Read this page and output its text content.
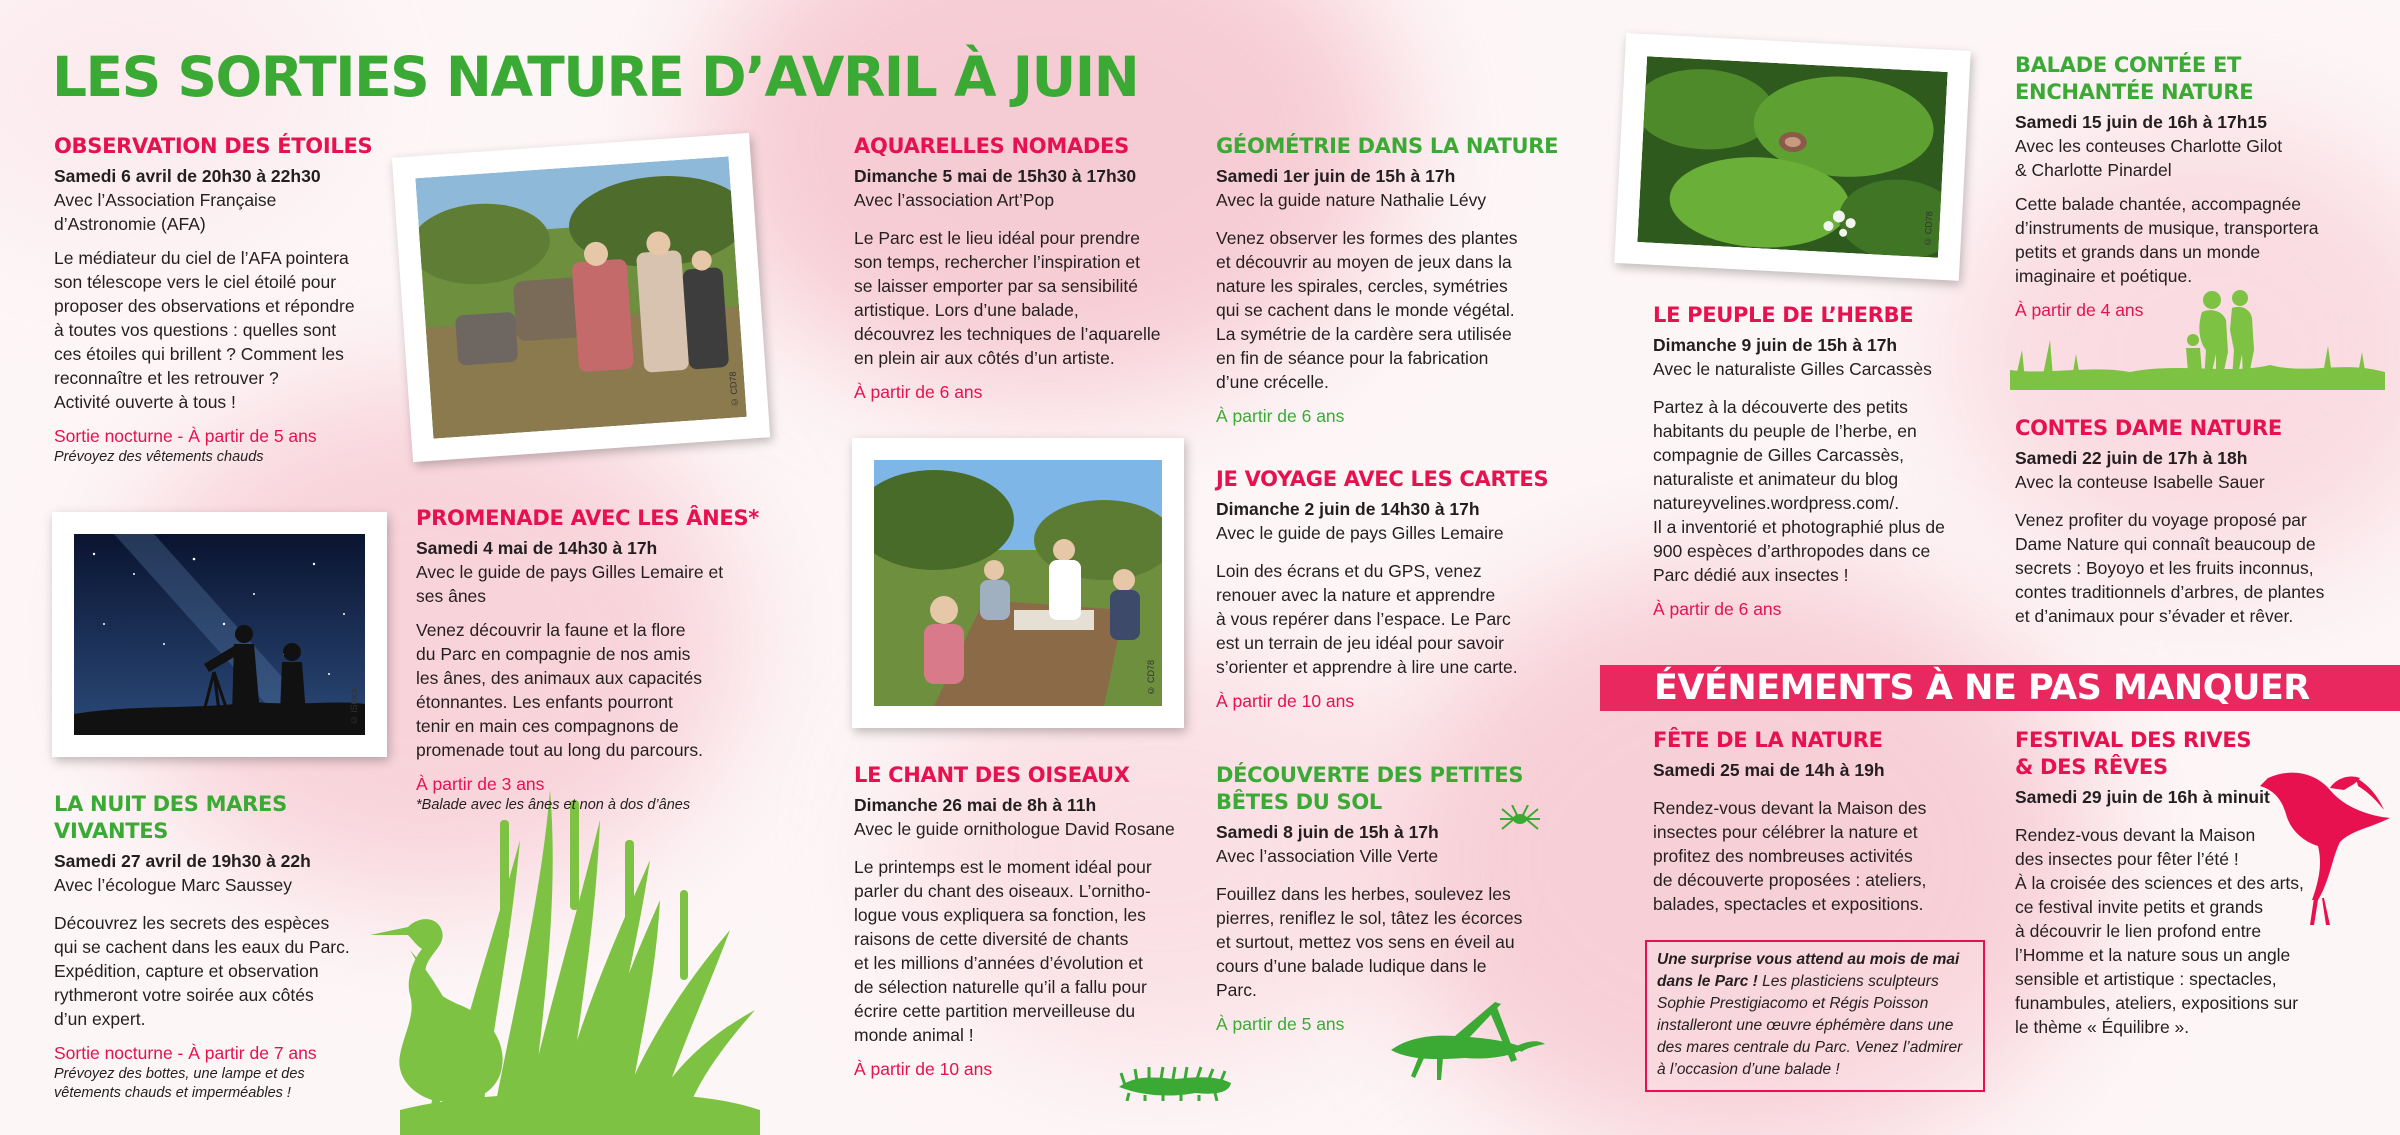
LES SORTIES NATURE D’AVRIL À JUIN
© CD78
© iStock
© CD78
© CD78
OBSERVATION DES ÉTOILES
Samedi 6 avril de 20h30 à 22h30
Avec l’Association Française
d’Astronomie (AFA)
Le médiateur du ciel de l’AFA pointera
son télescope vers le ciel étoilé pour
proposer des observations et répondre
à toutes vos questions : quelles sont
ces étoiles qui brillent ? Comment les
reconnaître et les retrouver ?
Activité ouverte à tous !
Sortie nocturne - À partir de 5 ans
Prévoyez des vêtements chauds
LA NUIT DES MARES VIVANTES
Samedi 27 avril de 19h30 à 22h
Avec l’écologue Marc Saussey
Découvrez les secrets des espèces
qui se cachent dans les eaux du Parc.
Expédition, capture et observation
rythmeront votre soirée aux côtés
d’un expert.
Sortie nocturne - À partir de 7 ans
Prévoyez des bottes, une lampe et des
vêtements chauds et imperméables !
PROMENADE AVEC LES ÂNES*
Samedi 4 mai de 14h30 à 17h
Avec le guide de pays Gilles Lemaire et
ses ânes
Venez découvrir la faune et la flore
du Parc en compagnie de nos amis
les ânes, des animaux aux capacités
étonnantes. Les enfants pourront
tenir en main ces compagnons de
promenade tout au long du parcours.
À partir de 3 ans
*Balade avec les ânes et non à dos d’ânes
AQUARELLES NOMADES
Dimanche 5 mai de 15h30 à 17h30
Avec l’association Art’Pop
Le Parc est le lieu idéal pour prendre
son temps, rechercher l’inspiration et
se laisser emporter par sa sensibilité
artistique. Lors d’une balade,
découvrez les techniques de l’aquarelle
en plein air aux côtés d’un artiste.
À partir de 6 ans
LE CHANT DES OISEAUX
Dimanche 26 mai de 8h à 11h
Avec le guide ornithologue David Rosane
Le printemps est le moment idéal pour
parler du chant des oiseaux. L’ornitho-
logue vous expliquera sa fonction, les
raisons de cette diversité de chants
et les millions d’années d’évolution et
de sélection naturelle qu’il a fallu pour
écrire cette partition merveilleuse du
monde animal !
À partir de 10 ans
GÉOMÉTRIE DANS LA NATURE
Samedi 1er juin de 15h à 17h
Avec la guide nature Nathalie Lévy
Venez observer les formes des plantes
et découvrir au moyen de jeux dans la
nature les spirales, cercles, symétries
qui se cachent dans le monde végétal.
La symétrie de la cardère sera utilisée
en fin de séance pour la fabrication
d’une crécelle.
À partir de 6 ans
JE VOYAGE AVEC LES CARTES
Dimanche 2 juin de 14h30 à 17h
Avec le guide de pays Gilles Lemaire
Loin des écrans et du GPS, venez
renouer avec la nature et apprendre
à vous repérer dans l’espace. Le Parc
est un terrain de jeu idéal pour savoir
s’orienter et apprendre à lire une carte.
À partir de 10 ans
DÉCOUVERTE DES PETITES
BÊTES DU SOL
Samedi 8 juin de 15h à 17h
Avec l’association Ville Verte
Fouillez dans les herbes, soulevez les
pierres, reniflez le sol, tâtez les écorces
et surtout, mettez vos sens en éveil au
cours d’une balade ludique dans le
Parc.
À partir de 5 ans
LE PEUPLE DE L’HERBE
Dimanche 9 juin de 15h à 17h
Avec le naturaliste Gilles Carcassès
Partez à la découverte des petits
habitants du peuple de l’herbe, en
compagnie de Gilles Carcassès,
naturaliste et animateur du blog
natureyvelines.wordpress.com/.
Il a inventorié et photographié plus de
900 espèces d’arthropodes dans ce
Parc dédié aux insectes !
À partir de 6 ans
BALADE CONTÉE ET
ENCHANTÉE NATURE
Samedi 15 juin de 16h à 17h15
Avec les conteuses Charlotte Gilot
& Charlotte Pinardel
Cette balade chantée, accompagnée
d’instruments de musique, transportera
petits et grands dans un monde
imaginaire et poétique.
À partir de 4 ans
CONTES DAME NATURE
Samedi 22 juin de 17h à 18h
Avec la conteuse Isabelle Sauer
Venez profiter du voyage proposé par
Dame Nature qui connaît beaucoup de
secrets : Boyoyo et les fruits inconnus,
contes traditionnels d’arbres, de plantes
et d’animaux pour s’évader et rêver.
ÉVÉNEMENTS À NE PAS MANQUER
FÊTE DE LA NATURE
Samedi 25 mai de 14h à 19h
Rendez-vous devant la Maison des
insectes pour célébrer la nature et
profitez des nombreuses activités
de découverte proposées : ateliers,
balades, spectacles et expositions.
Une surprise vous attend au mois de mai dans le Parc ! Les plasticiens sculpteurs Sophie Prestigiacomo et Régis Poisson installeront une œuvre éphémère dans une des mares centrale du Parc. Venez l’admirer à l’occasion d’une balade !
FESTIVAL DES RIVES
& DES RÊVES
Samedi 29 juin de 16h à minuit
Rendez-vous devant la Maison
des insectes pour fêter l’été !
À la croisée des sciences et des arts,
ce festival invite petits et grands
à découvrir le lien profond entre
l’Homme et la nature sous un angle
sensible et artistique : spectacles,
funambules, ateliers, expositions sur
le thème « Équilibre ».
